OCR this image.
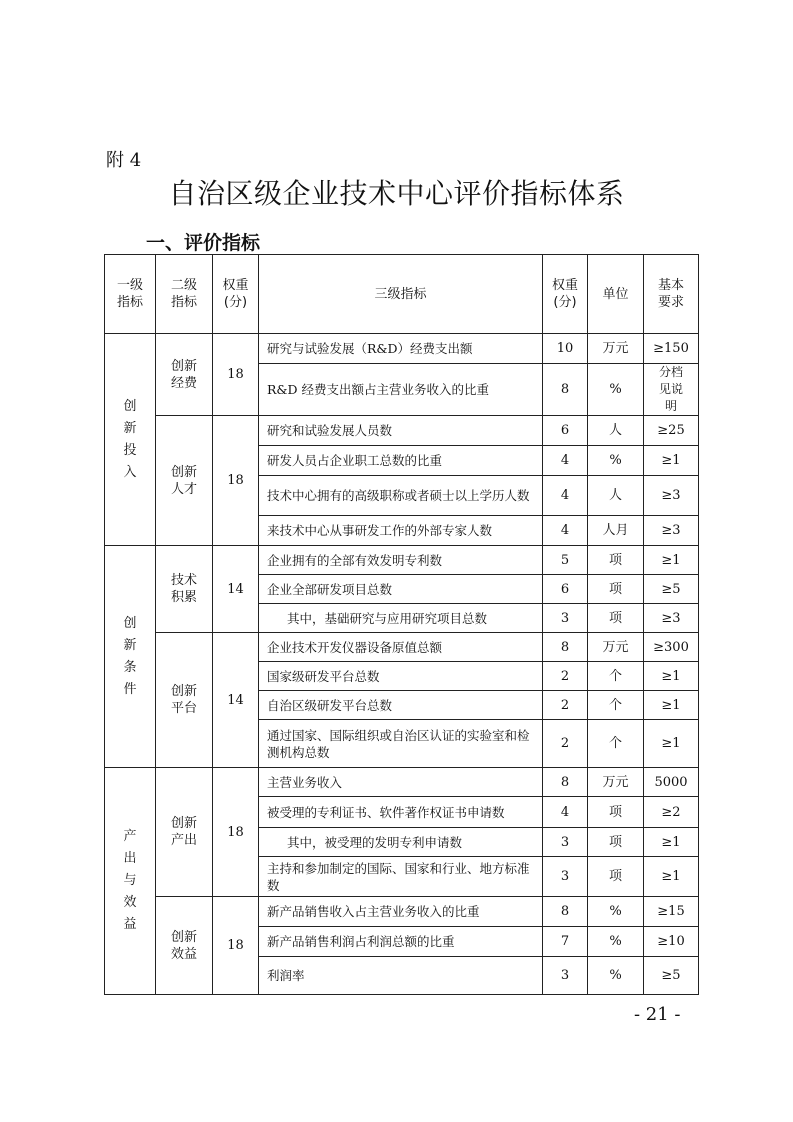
附 4
自治区级企业技术中心评价指标体系
一、评价指标
一级指标	二级指标	权重(分)	三级指标	权重(分)	单位	基本要求
创新投入	创新经费	18	研究与试验发展（R&D）经费支出额	10	万元	≥150
			R&D 经费支出额占主营业务收入的比重	8	%	分档见说明
	创新人才	18	研究和试验发展人员数	6	人	≥25
			研发人员占企业职工总数的比重	4	%	≥1
			技术中心拥有的高级职称或者硕士以上学历人数	4	人	≥3
			来技术中心从事研发工作的外部专家人数	4	人月	≥3
创新条件	技术积累	14	企业拥有的全部有效发明专利数	5	项	≥1
			企业全部研发项目总数	6	项	≥5
			其中，基础研究与应用研究项目总数	3	项	≥3
	创新平台	14	企业技术开发仪器设备原值总额	8	万元	≥300
			国家级研发平台总数	2	个	≥1
			自治区级研发平台总数	2	个	≥1
			通过国家、国际组织或自治区认证的实验室和检测机构总数	2	个	≥1
产出与效益	创新产出	18	主营业务收入	8	万元	5000
			被受理的专利证书、软件著作权证书申请数	4	项	≥2
			其中，被受理的发明专利申请数	3	项	≥1
			主持和参加制定的国际、国家和行业、地方标准数	3	项	≥1
	创新效益	18	新产品销售收入占主营业务收入的比重	8	%	≥15
			新产品销售利润占利润总额的比重	7	%	≥10
			利润率	3	%	≥5
- 21 -
